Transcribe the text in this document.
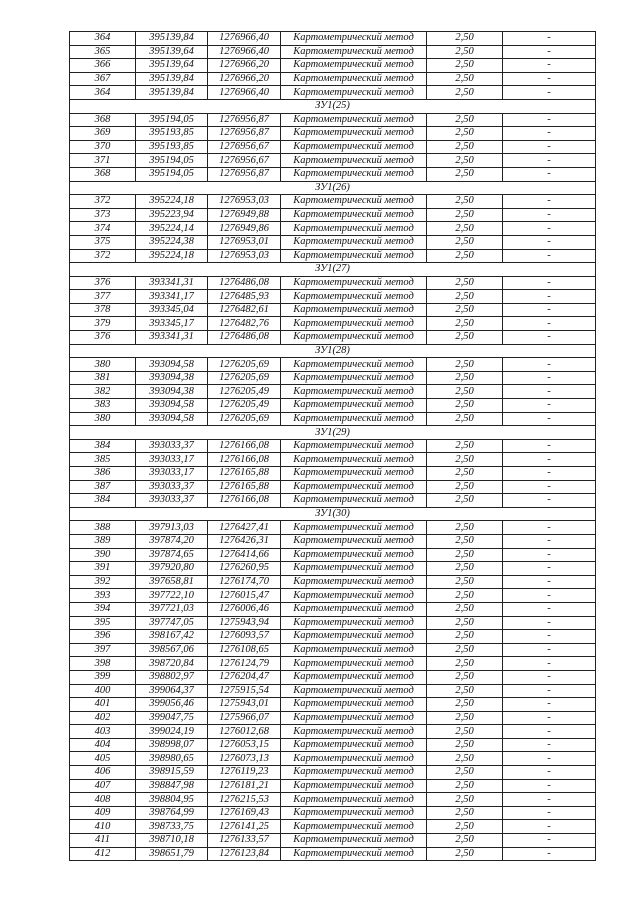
364	395139,84	1276966,40	Картометрический метод	2,50	-
365	395139,64	1276966,40	Картометрический метод	2,50	-
366	395139,64	1276966,20	Картометрический метод	2,50	-
367	395139,84	1276966,20	Картометрический метод	2,50	-
364	395139,84	1276966,40	Картометрический метод	2,50	-
ЗУ1(25)					
368	395194,05	1276956,87	Картометрический метод	2,50	-
369	395193,85	1276956,87	Картометрический метод	2,50	-
370	395193,85	1276956,67	Картометрический метод	2,50	-
371	395194,05	1276956,67	Картометрический метод	2,50	-
368	395194,05	1276956,87	Картометрический метод	2,50	-
ЗУ1(26)					
372	395224,18	1276953,03	Картометрический метод	2,50	-
373	395223,94	1276949,88	Картометрический метод	2,50	-
374	395224,14	1276949,86	Картометрический метод	2,50	-
375	395224,38	1276953,01	Картометрический метод	2,50	-
372	395224,18	1276953,03	Картометрический метод	2,50	-
ЗУ1(27)					
376	393341,31	1276486,08	Картометрический метод	2,50	-
377	393341,17	1276485,93	Картометрический метод	2,50	-
378	393345,04	1276482,61	Картометрический метод	2,50	-
379	393345,17	1276482,76	Картометрический метод	2,50	-
376	393341,31	1276486,08	Картометрический метод	2,50	-
ЗУ1(28)					
380	393094,58	1276205,69	Картометрический метод	2,50	-
381	393094,38	1276205,69	Картометрический метод	2,50	-
382	393094,38	1276205,49	Картометрический метод	2,50	-
383	393094,58	1276205,49	Картометрический метод	2,50	-
380	393094,58	1276205,69	Картометрический метод	2,50	-
ЗУ1(29)					
384	393033,37	1276166,08	Картометрический метод	2,50	-
385	393033,17	1276166,08	Картометрический метод	2,50	-
386	393033,17	1276165,88	Картометрический метод	2,50	-
387	393033,37	1276165,88	Картометрический метод	2,50	-
384	393033,37	1276166,08	Картометрический метод	2,50	-
ЗУ1(30)					
388	397913,03	1276427,41	Картометрический метод	2,50	-
389	397874,20	1276426,31	Картометрический метод	2,50	-
390	397874,65	1276414,66	Картометрический метод	2,50	-
391	397920,80	1276260,95	Картометрический метод	2,50	-
392	397658,81	1276174,70	Картометрический метод	2,50	-
393	397722,10	1276015,47	Картометрический метод	2,50	-
394	397721,03	1276006,46	Картометрический метод	2,50	-
395	397747,05	1275943,94	Картометрический метод	2,50	-
396	398167,42	1276093,57	Картометрический метод	2,50	-
397	398567,06	1276108,65	Картометрический метод	2,50	-
398	398720,84	1276124,79	Картометрический метод	2,50	-
399	398802,97	1276204,47	Картометрический метод	2,50	-
400	399064,37	1275915,54	Картометрический метод	2,50	-
401	399056,46	1275943,01	Картометрический метод	2,50	-
402	399047,75	1275966,07	Картометрический метод	2,50	-
403	399024,19	1276012,68	Картометрический метод	2,50	-
404	398998,07	1276053,15	Картометрический метод	2,50	-
405	398980,65	1276073,13	Картометрический метод	2,50	-
406	398915,59	1276119,23	Картометрический метод	2,50	-
407	398847,98	1276181,21	Картометрический метод	2,50	-
408	398804,95	1276215,53	Картометрический метод	2,50	-
409	398764,99	1276169,43	Картометрический метод	2,50	-
410	398733,75	1276141,25	Картометрический метод	2,50	-
411	398710,18	1276133,57	Картометрический метод	2,50	-
412	398651,79	1276123,84	Картометрический метод	2,50	-
